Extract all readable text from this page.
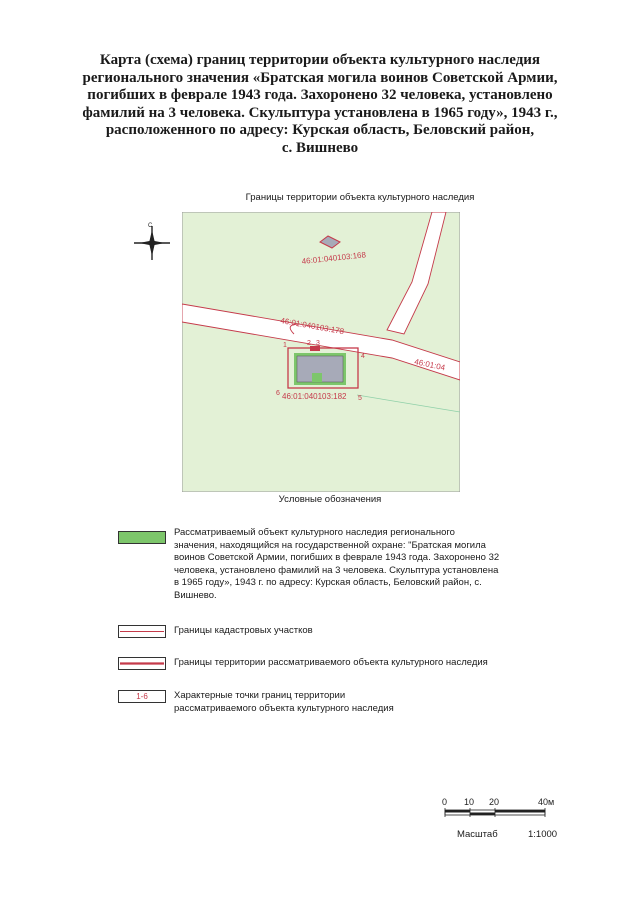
Карта (схема) границ территории объекта культурного наследия
регионального значения «Братская могила воинов Советской Армии,
погибших в феврале 1943 года. Захоронено 32 человека, установлено
фамилий на 3 человека. Скульптура установлена в 1965 году», 1943 г.,
расположенного по адресу: Курская область, Беловский район,
с. Вишнево
Границы территории объекта культурного наследия
С
46:01:040103:168
46:01:040103:178
46:01:04
46:01:040103:182
1	2 3
4
5
6
Условные обозначения
Рассматриваемый объект культурного наследия регионального
значения, находящийся на государственной охране: "Братская могила
воинов Советской Армии, погибших в феврале 1943 года. Захоронено 32
человека, установлено фамилий на 3 человека. Скульптура установлена
в 1965 году», 1943 г. по адресу: Курская область, Беловский район, с.
Вишнево.
Границы кадастровых участков
Границы территории рассматриваемого объекта культурного наследия
1-6	Характерные точки границ территории
рассматриваемого объекта культурного наследия
0 10 20	40м
Масштаб	1:1000
